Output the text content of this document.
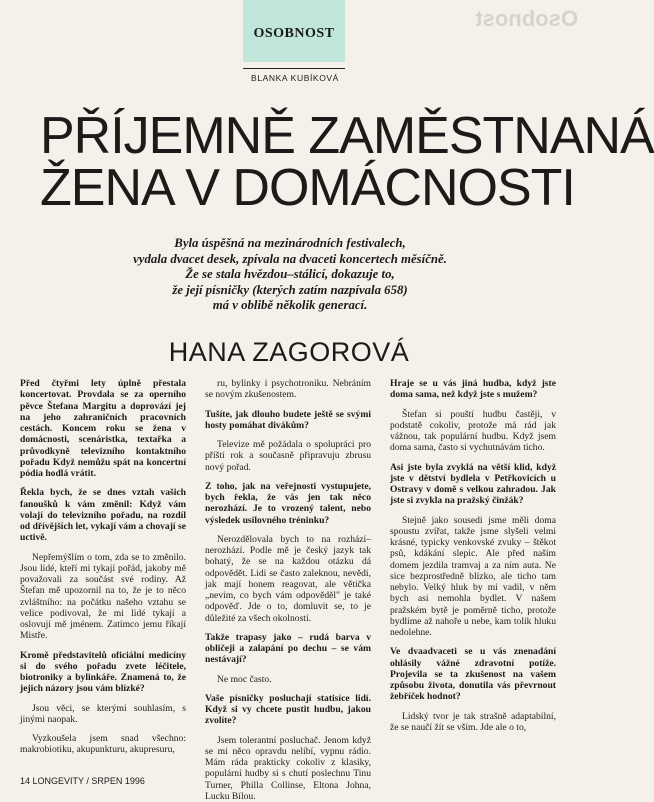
OSOBNOST
Osobnost
BLANKA KUBÍKOVÁ
PŘÍJEMNĚ ZAMĚSTNANÁ
ŽENA V DOMÁCNOSTI
Byla úspěšná na mezinárodních festivalech,
vydala dvacet desek, zpívala na dvaceti koncertech měsíčně.
Že se stala hvězdou–stálicí, dokazuje to,
že její písničky (kterých zatím nazpívala 658)
má v oblibě několik generací.
HANA ZAGOROVÁ

Před čtyřmi lety úplně přestala koncertovat. Provdala se za operního pěvce Štefana Margitu a doprovází jej na jeho zahraničních pracovních cestách. Koncem roku se žena v domácnosti, scenáristka, textařka a průvodkyně televizního kontaktního pořadu Když nemůžu spát na koncertní pódia hodlá vrátit.

Řekla bych, že se dnes vztah vašich fanoušků k vám změnil: Když vám volají do televizního pořadu, na rozdíl od dřívějších let, vykají vám a chovají se uctivě.

Nepřemýšlím o tom, zda se to změnilo. Jsou lidé, kteří mi tykají pořád, jakoby mě považovali za součást své rodiny. Až Štefan mě upozornil na to, že je to něco zvláštního: na počátku našeho vztahu se velice podivoval, že mi lidé tykají a oslovují mě jménem. Zatímco jemu říkají Mistře.

Kromě představitelů oficiální medicíny si do svého pořadu zvete léčitele, biotroniky a bylinkáře. Znamená to, že jejich názory jsou vám blízké?

Jsou věci, se kterými souhlasím, s jinými naopak.

Vyzkoušela jsem snad všechno: makrobiotiku, akupunkturu, akupresuru,

ru, bylinky i psychotroniku. Nebráním se novým zkušenostem.

Tušíte, jak dlouho budete ještě se svými hosty pomáhat divákům?

Televize mě požádala o spolupráci pro příští rok a současně připravuju zbrusu nový pořad.

Z toho, jak na veřejnosti vystupujete, bych řekla, že vás jen tak něco nerozhází. Je to vrozený talent, nebo výsledek usilovného tréninku?

Nerozdělovala bych to na rozhází–nerozhází. Podle mě je český jazyk tak bohatý, že se na každou otázku dá odpovědět. Lidi se často zaleknou, nevědí, jak mají honem reagovat, ale větička „nevím, co bych vám odpověděl" je také odpověď. Jde o to, domluvit se, to je důležité za všech okolností.

Takže trapasy jako – rudá barva v obličeji a zalapání po dechu – se vám nestávají?

Ne moc často.

Vaše písničky posluchají statisíce lidí. Když si vy chcete pustit hudbu, jakou zvolíte?

Jsem tolerantní posluchač. Jenom když se mi něco opravdu nelíbí, vypnu rádio. Mám ráda prakticky cokoliv z klasiky, populární hudby si s chutí poslechnu Tinu Turner, Philla Collinse, Eltona Johna, Lucku Bílou.

Hraje se u vás jiná hudba, když jste doma sama, než když jste s mužem?

Štefan si pouští hudbu častěji, v podstatě cokoliv, protože má rád jak vážnou, tak populární hudbu. Když jsem doma sama, často si vychutnávám ticho.

Asi jste byla zvyklá na větší klid, když jste v dětství bydlela v Petřkovicích u Ostravy v domě s velkou zahradou. Jak jste si zvykla na pražský činžák?

Stejně jako sousedi jsme měli doma spoustu zvířat, takže jsme slyšeli velmi krásné, typicky venkovské zvuky – štěkot psů, kdákání slepic. Ale před naším domem jezdila tramvaj a za ním auta. Ne sice bezprostředně blízko, ale ticho tam nebylo. Velký hluk by mi vadil, v něm bych asi nemohla bydlet. V našem pražském bytě je poměrně ticho, protože bydlíme až nahoře u nebe, kam tolik hluku nedolehne.

Ve dvaadvaceti se u vás znenadání ohlásily vážné zdravotní potíže. Projevila se ta zkušenost na vašem způsobu života, donutila vás převrnout žebříček hodnot?

Lidský tvor je tak strašně adaptabilní, že se naučí žít se vším. Jde ale o to,

14 LONGEVITY / SRPEN 1996
